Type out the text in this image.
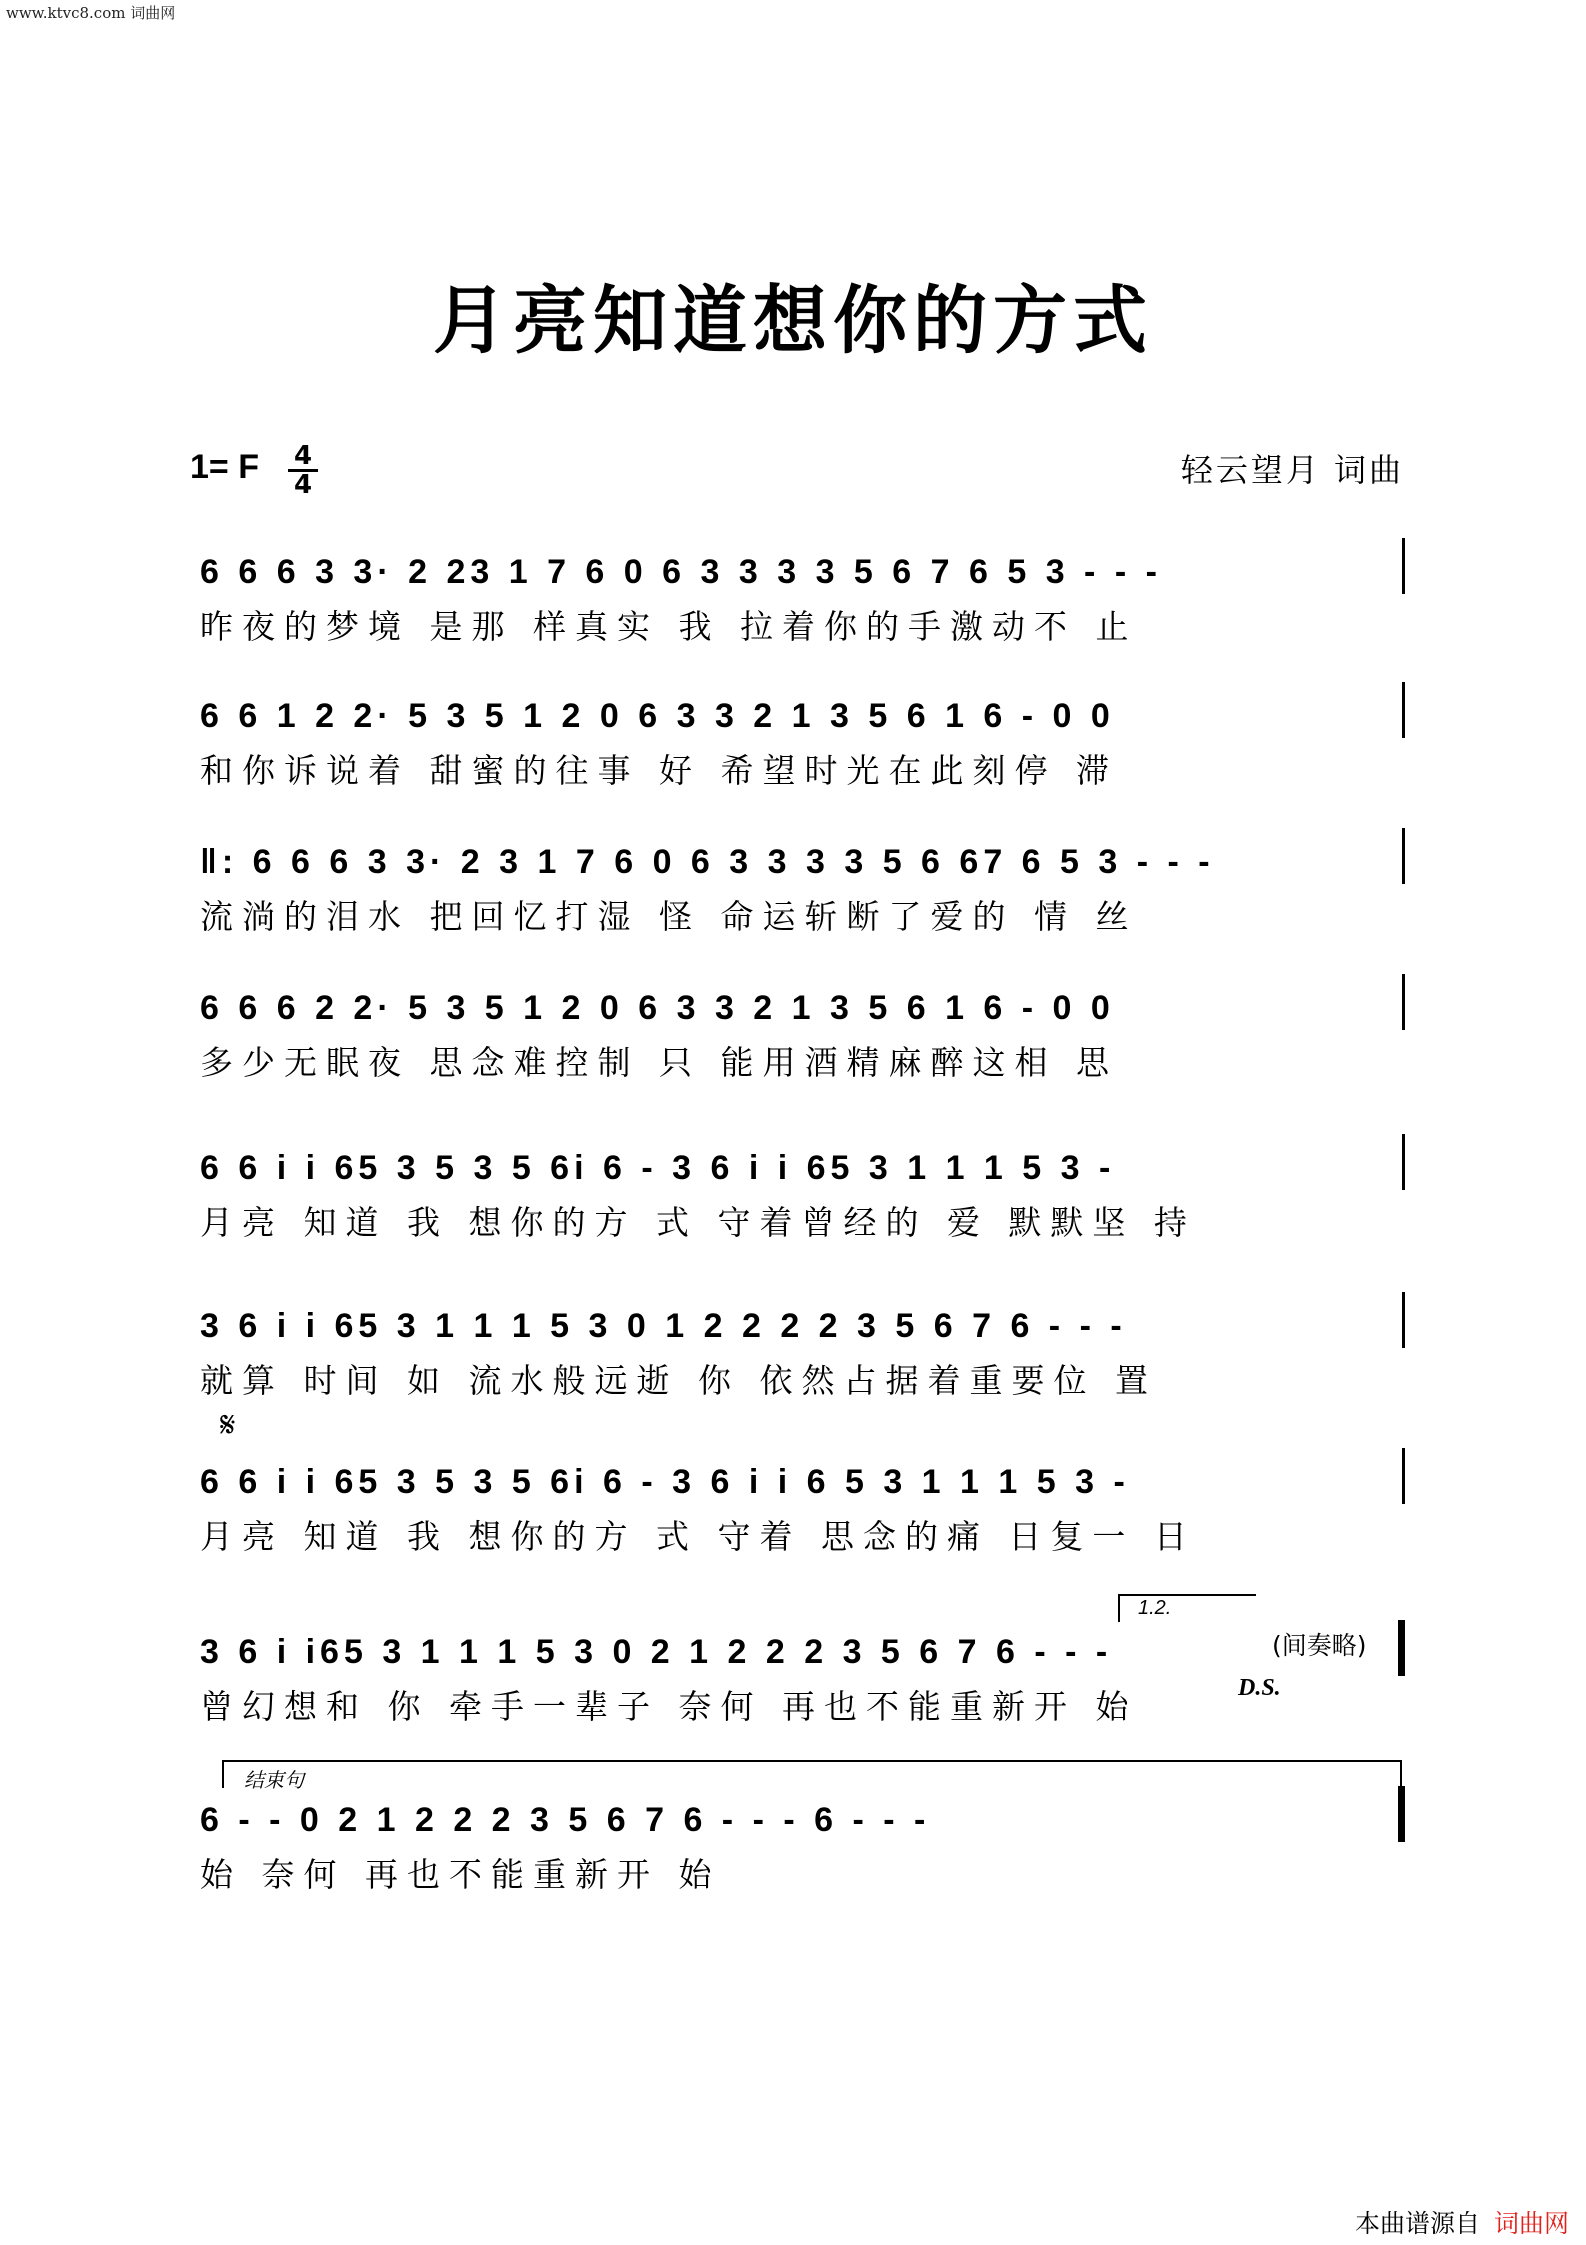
www.ktvc8.com 词曲网
月亮知道想你的方式
1= F	4
4	轻云望月 词曲
6 6 6 3 3· 2 23 1 7 6 0 6 3 3 3 3 5 6 7 6 5 3 - - -
昨夜的梦境 是那 样真实 我 拉着你的手激动不 止
6 6 1 2 2· 5 3 5 1 2 0 6 3 3 2 1 3 5 6 1 6 - 0 0
和你诉说着 甜蜜的往事 好 希望时光在此刻停 滞
‖: 6 6 6 3 3· 2 3 1 7 6 0 6 3 3 3 3 5 6 67 6 5 3 - - -
流淌的泪水 把回忆打湿 怪 命运斩断了爱的 情 丝
6 6 6 2 2· 5 3 5 1 2 0 6 3 3 2 1 3 5 6 1 6 - 0 0
多少无眠夜 思念难控制 只 能用酒精麻醉这相 思
6 6 i i 65 3 5 3 5 6i 6 - 3 6 i i 65 3 1 1 1 5 3 -
月亮 知道 我 想你的方 式 守着曾经的 爱 默默坚 持
3 6 i i 65 3 1 1 1 5 3 0 1 2 2 2 2 3 5 6 7 6 - - -
就算 时间 如 流水般远逝 你 依然占据着重要位 置
𝄋
6 6 i i 65 3 5 3 5 6i 6 - 3 6 i i 6 5 3 1 1 1 5 3 -
月亮 知道 我 想你的方 式 守着 思念的痛 日复一 日
1.2.
3 6 i i65 3 1 1 1 5 3 0 2 1 2 2 2 3 5 6 7 6 - - -
曾幻想和 你 牵手一辈子 奈何 再也不能重新开 始
(间奏略)
D.S.
结束句
6 - - 0 2 1 2 2 2 3 5 6 7 6 - - - 6 - - -
始 奈何 再也不能重新开 始
本曲谱源自 词曲网
